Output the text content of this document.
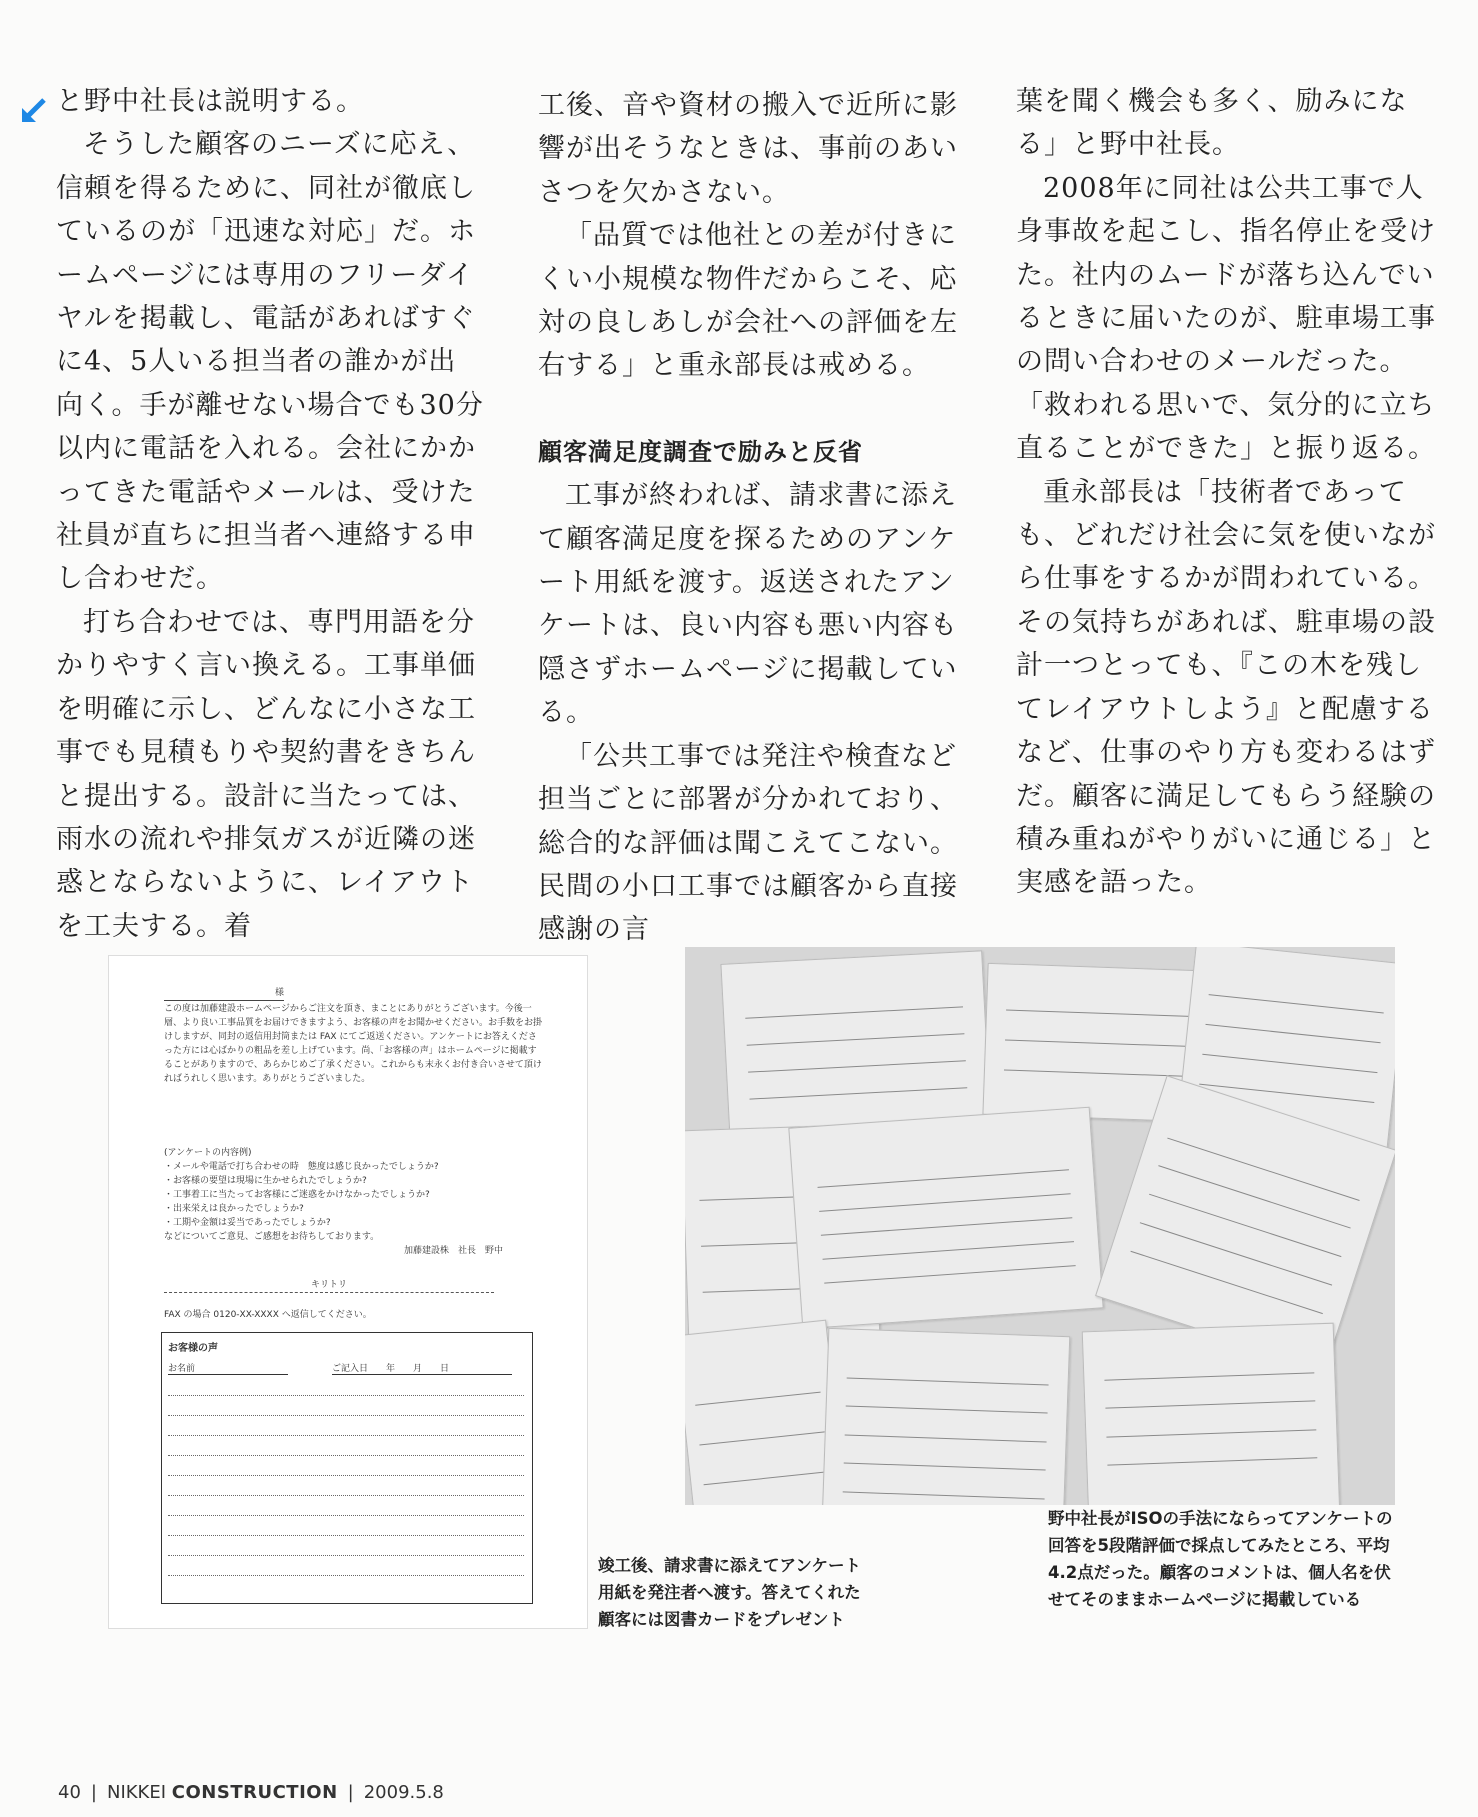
と野中社長は説明する。

そうした顧客のニーズに応え、信頼を得るために、同社が徹底しているのが「迅速な対応」だ。ホームページには専用のフリーダイヤルを掲載し、電話があればすぐに4、5人いる担当者の誰かが出向く。手が離せない場合でも30分以内に電話を入れる。会社にかかってきた電話やメールは、受けた社員が直ちに担当者へ連絡する申し合わせだ。

打ち合わせでは、専門用語を分かりやすく言い換える。工事単価を明確に示し、どんなに小さな工事でも見積もりや契約書をきちんと提出する。設計に当たっては、雨水の流れや排気ガスが近隣の迷惑とならないように、レイアウトを工夫する。着

工後、音や資材の搬入で近所に影響が出そうなときは、事前のあいさつを欠かさない。

「品質では他社との差が付きにくい小規模な物件だからこそ、応対の良しあしが会社への評価を左右する」と重永部長は戒める。

顧客満足度調査で励みと反省

工事が終われば、請求書に添えて顧客満足度を探るためのアンケート用紙を渡す。返送されたアンケートは、良い内容も悪い内容も隠さずホームページに掲載している。

「公共工事では発注や検査など担当ごとに部署が分かれており、総合的な評価は聞こえてこない。民間の小口工事では顧客から直接感謝の言

葉を聞く機会も多く、励みになる」と野中社長。

2008年に同社は公共工事で人身事故を起こし、指名停止を受けた。社内のムードが落ち込んでいるときに届いたのが、駐車場工事の問い合わせのメールだった。「救われる思いで、気分的に立ち直ることができた」と振り返る。

重永部長は「技術者であっても、どれだけ社会に気を使いながら仕事をするかが問われている。その気持ちがあれば、駐車場の設計一つとっても、『この木を残してレイアウトしよう』と配慮するなど、仕事のやり方も変わるはずだ。顧客に満足してもらう経験の積み重ねがやりがいに通じる」と実感を語った。

様
この度は加藤建設ホームページからご注文を頂き、まことにありがとうございます。今後一層、より良い工事品質をお届けできますよう、お客様の声をお聞かせください。お手数をお掛けしますが、同封の返信用封筒または FAX にてご返送ください。アンケートにお答えくださった方には心ばかりの粗品を差し上げています。尚、「お客様の声」はホームページに掲載することがありますので、あらかじめご了承ください。これからも末永くお付き合いさせて頂ければうれしく思います。ありがとうございました。
(アンケートの内容例)
・メールや電話で打ち合わせの時　態度は感じ良かったでしょうか?
・お客様の要望は現場に生かせられたでしょうか?
・工事着工に当たってお客様にご迷惑をかけなかったでしょうか?
・出来栄えは良かったでしょうか?
・工期や金額は妥当であったでしょうか?
などについてご意見、ご感想をお待ちしております。
加藤建設株　社長　野中
キリトリ
FAX の場合 0120-XX-XXXX へ返信してください。
お客様の声
お名前	ご記入日　　年　　月　　日
竣工後、請求書に添えてアンケート用紙を発注者へ渡す。答えてくれた顧客には図書カードをプレゼント
野中社長がISOの手法にならってアンケートの回答を5段階評価で採点してみたところ、平均4.2点だった。顧客のコメントは、個人名を伏せてそのままホームページに掲載している
40 | NIKKEI CONSTRUCTION | 2009.5.8
